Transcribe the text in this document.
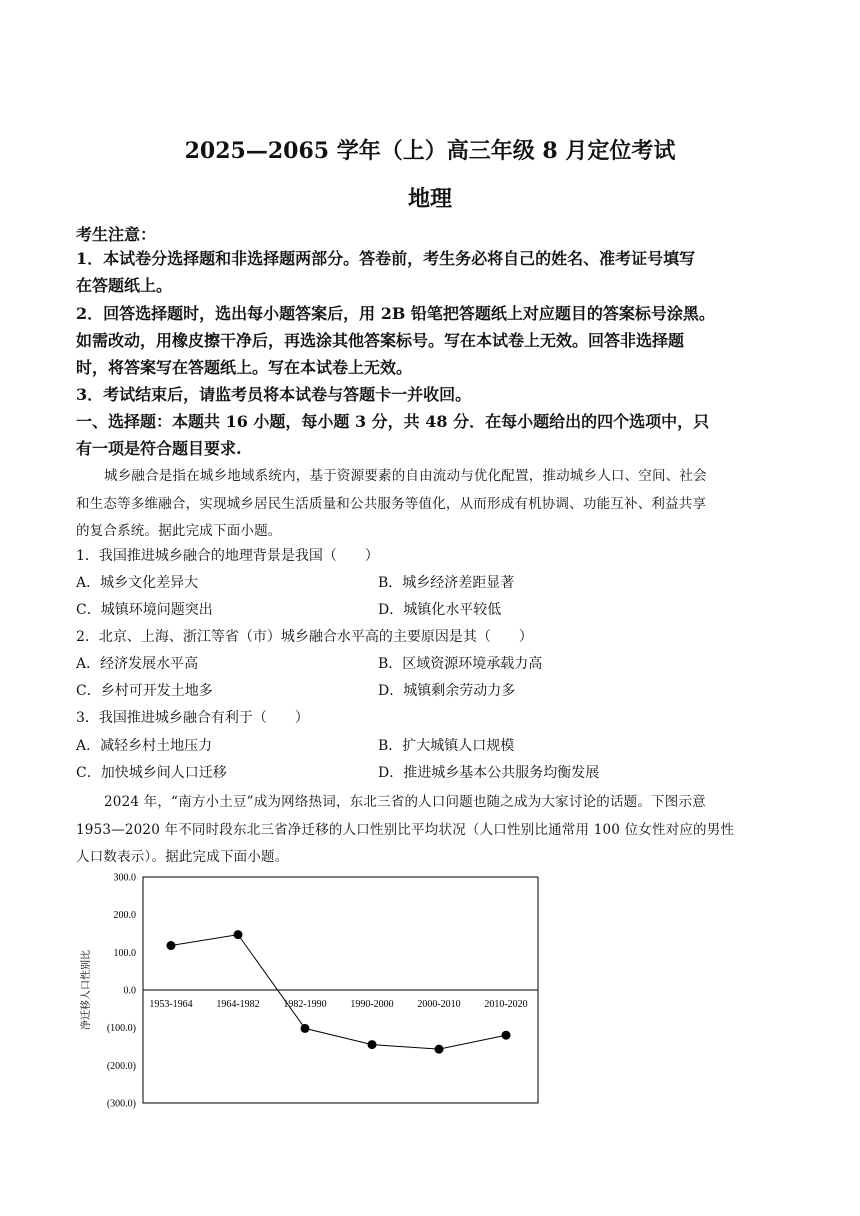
2025—2065 学年（上）高三年级 8 月定位考试
地理
考生注意：
1．本试卷分选择题和非选择题两部分。答卷前，考生务必将自己的姓名、准考证号填写
在答题纸上。
2．回答选择题时，选出每小题答案后，用 2B 铅笔把答题纸上对应题目的答案标号涂黑。
如需改动，用橡皮擦干净后，再选涂其他答案标号。写在本试卷上无效。回答非选择题
时，将答案写在答题纸上。写在本试卷上无效。
3．考试结束后，请监考员将本试卷与答题卡一并收回。
一、选择题：本题共 16 小题，每小题 3 分，共 48 分．在每小题给出的四个选项中，只
有一项是符合题目要求.
城乡融合是指在城乡地域系统内，基于资源要素的自由流动与优化配置，推动城乡人口、空间、社会
和生态等多维融合，实现城乡居民生活质量和公共服务等值化，从而形成有机协调、功能互补、利益共享
的复合系统。据此完成下面小题。
1．我国推进城乡融合的地理背景是我国（　　）
A．城乡文化差异大	B．城乡经济差距显著
C．城镇环境问题突出	D．城镇化水平较低
2．北京、上海、浙江等省（市）城乡融合水平高的主要原因是其（　　）
A．经济发展水平高	B．区域资源环境承载力高
C．乡村可开发土地多	D．城镇剩余劳动力多
3．我国推进城乡融合有利于（　　）
A．减轻乡村土地压力	B．扩大城镇人口规模
C．加快城乡间人口迁移	D．推进城乡基本公共服务均衡发展
2024 年，“南方小土豆”成为网络热词，东北三省的人口问题也随之成为大家讨论的话题。下图示意
1953—2020 年不同时段东北三省净迁移的人口性别比平均状况（人口性别比通常用 100 位女性对应的男性
人口数表示）。据此完成下面小题。
300.0
200.0
100.0
0.0
(100.0)
(200.0)
(300.0)
1953-1964 1964-1982 1982-1990 1990-2000 2000-2010 2010-2020
净迁移人口性别比
